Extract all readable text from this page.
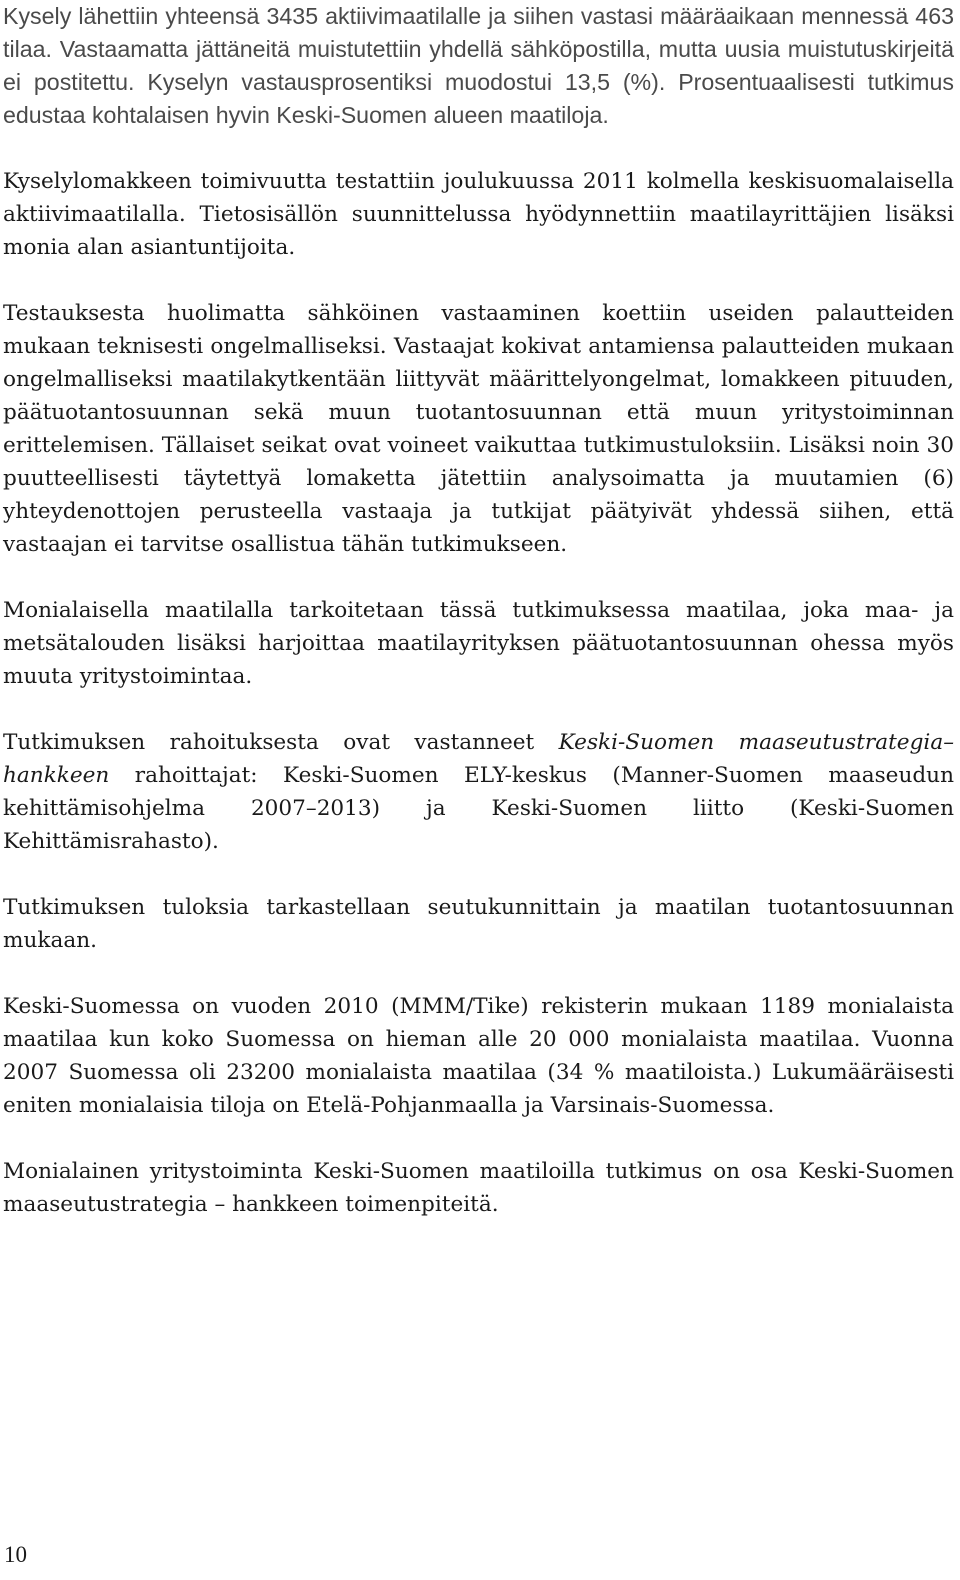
Kysely lähettiin yhteensä 3435 aktiivimaatilalle ja siihen vastasi määräaikaan mennessä 463 tilaa. Vastaamatta jättäneitä muistutettiin yhdellä sähköpostilla, mutta uusia muistutuskirjeitä ei postitettu. Kyselyn vastausprosentiksi muodostui 13,5 (%). Prosentuaalisesti tutkimus edustaa kohtalaisen hyvin Keski-Suomen alueen maatiloja.

Kyselylomakkeen toimivuutta testattiin joulukuussa 2011 kolmella keskisuomalaisella aktiivimaatilalla. Tietosisällön suunnittelussa hyödynnettiin maatilayrittäjien lisäksi monia alan asiantuntijoita.

Testauksesta huolimatta sähköinen vastaaminen koettiin useiden palautteiden mukaan teknisesti ongelmalliseksi. Vastaajat kokivat antamiensa palautteiden mukaan ongelmalliseksi maatilakytkentään liittyvät määrittelyongelmat, lomakkeen pituuden, päätuotantosuunnan sekä muun tuotantosuunnan että muun yritystoiminnan erittelemisen. Tällaiset seikat ovat voineet vaikuttaa tutkimustuloksiin. Lisäksi noin 30 puutteellisesti täytettyä lomaketta jätettiin analysoimatta ja muutamien (6) yhteydenottojen perusteella vastaaja ja tutkijat päätyivät yhdessä siihen, että vastaajan ei tarvitse osallistua tähän tutkimukseen.

Monialaisella maatilalla tarkoitetaan tässä tutkimuksessa maatilaa, joka maa- ja metsätalouden lisäksi harjoittaa maatilayrityksen päätuotantosuunnan ohessa myös muuta yritystoimintaa.

Tutkimuksen rahoituksesta ovat vastanneet Keski-Suomen maaseutustrategia–hankkeen rahoittajat: Keski-Suomen ELY-keskus (Manner-Suomen maaseudun kehittämisohjelma 2007–2013) ja Keski-Suomen liitto (Keski-Suomen Kehittämisrahasto).

Tutkimuksen tuloksia tarkastellaan seutukunnittain ja maatilan tuotantosuunnan mukaan.

Keski-Suomessa on vuoden 2010 (MMM/Tike) rekisterin mukaan 1189 monialaista maatilaa kun koko Suomessa on hieman alle 20 000 monialaista maatilaa. Vuonna 2007 Suomessa oli 23200 monialaista maatilaa (34 % maatiloista.) Lukumääräisesti eniten monialaisia tiloja on Etelä-Pohjanmaalla ja Varsinais-Suomessa.

Monialainen yritystoiminta Keski-Suomen maatiloilla tutkimus on osa Keski-Suomen maaseutustrategia – hankkeen toimenpiteitä.

10
